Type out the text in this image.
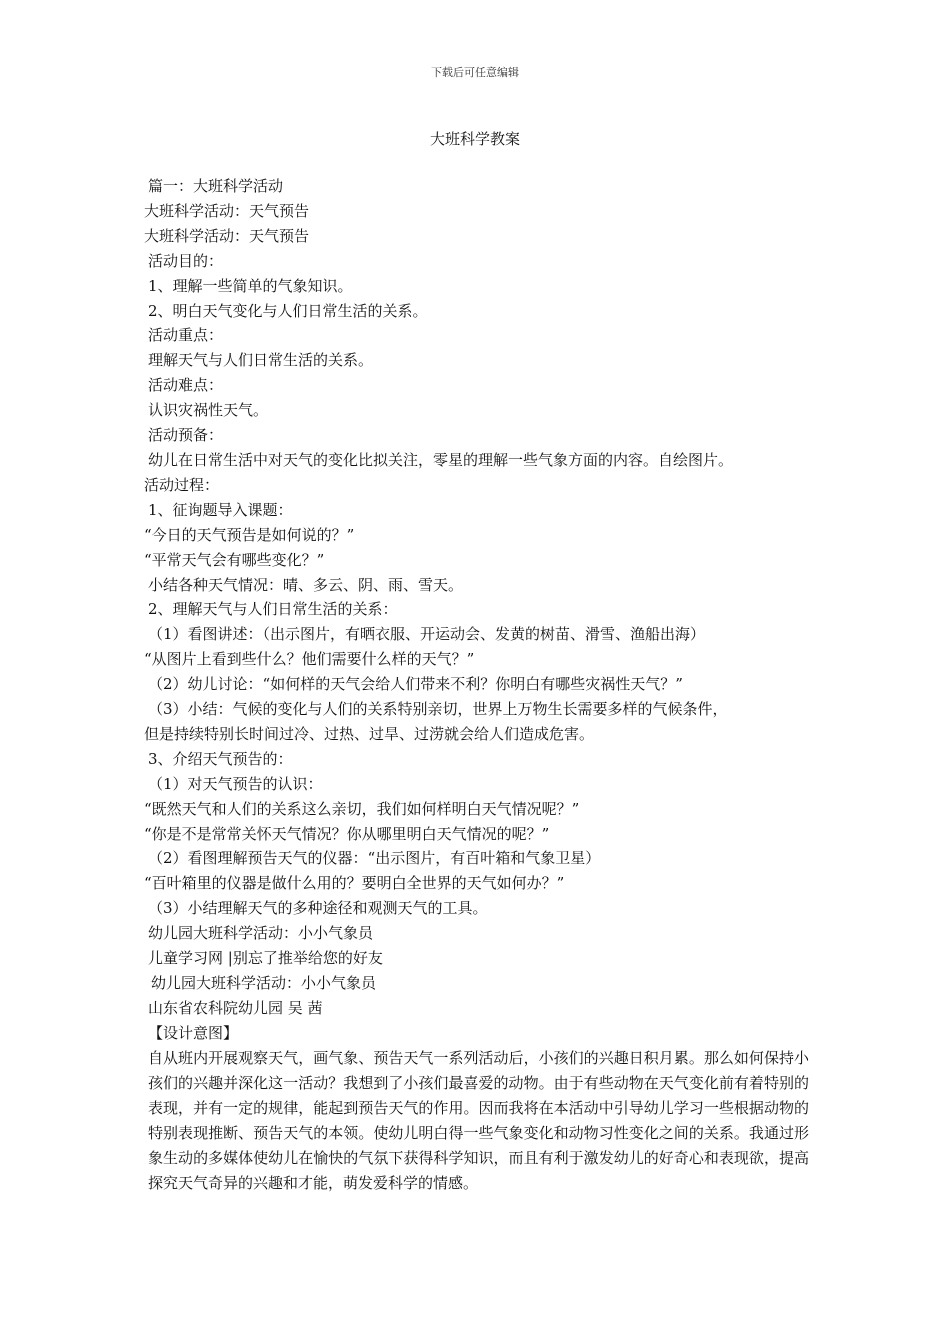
下载后可任意编辑
大班科学教案
篇一：大班科学活动
大班科学活动：天气预告
大班科学活动：天气预告
活动目的：
1、理解一些简单的气象知识。
2、明白天气变化与人们日常生活的关系。
活动重点：
理解天气与人们日常生活的关系。
活动难点：
认识灾祸性天气。
活动预备：
幼儿在日常生活中对天气的变化比拟关注，零星的理解一些气象方面的内容。自绘图片。
活动过程：
1、征询题导入课题：
“今日的天气预告是如何说的？”
“平常天气会有哪些变化？”
小结各种天气情况：晴、多云、阴、雨、雪天。
2、理解天气与人们日常生活的关系：
（1）看图讲述：（出示图片，有晒衣服、开运动会、发黄的树苗、滑雪、渔船出海）
“从图片上看到些什么？他们需要什么样的天气？”
（2）幼儿讨论：“如何样的天气会给人们带来不利？你明白有哪些灾祸性天气？”
（3）小结：气候的变化与人们的关系特别亲切，世界上万物生长需要多样的气候条件，
但是持续特别长时间过冷、过热、过旱、过涝就会给人们造成危害。
3、介绍天气预告的：
（1）对天气预告的认识：
“既然天气和人们的关系这么亲切，我们如何样明白天气情况呢？”
“你是不是常常关怀天气情况？你从哪里明白天气情况的呢？”
（2）看图理解预告天气的仪器：“出示图片，有百叶箱和气象卫星）
“百叶箱里的仪器是做什么用的？要明白全世界的天气如何办？”
（3）小结理解天气的多种途径和观测天气的工具。
幼儿园大班科学活动：小小气象员
儿童学习网 |别忘了推举给您的好友
幼儿园大班科学活动：小小气象员
山东省农科院幼儿园 吴 茜
【设计意图】
自从班内开展观察天气，画气象、预告天气一系列活动后，小孩们的兴趣日积月累。那么如何保持小孩们的兴趣并深化这一活动？我想到了小孩们最喜爱的动物。由于有些动物在天气变化前有着特别的表现，并有一定的规律，能起到预告天气的作用。因而我将在本活动中引导幼儿学习一些根据动物的特别表现推断、预告天气的本领。使幼儿明白得一些气象变化和动物习性变化之间的关系。我通过形象生动的多媒体使幼儿在愉快的气氛下获得科学知识，而且有利于激发幼儿的好奇心和表现欲，提高探究天气奇异的兴趣和才能，萌发爱科学的情感。
